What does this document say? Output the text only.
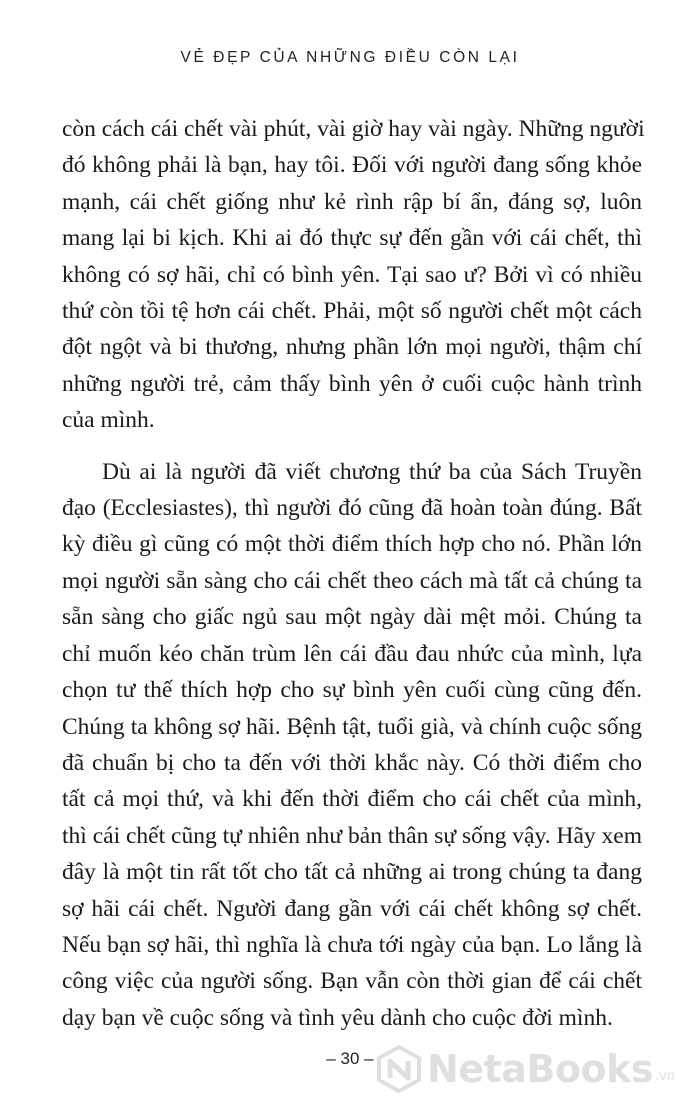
VẺ ĐẸP CỦA NHỮNG ĐIỀU CÒN LẠI
còn cách cái chết vài phút, vài giờ hay vài ngày. Những người
đó không phải là bạn, hay tôi. Đối với người đang sống khỏe
mạnh, cái chết giống như kẻ rình rập bí ẩn, đáng sợ, luôn
mang lại bi kịch. Khi ai đó thực sự đến gần với cái chết, thì
không có sợ hãi, chỉ có bình yên. Tại sao ư? Bởi vì có nhiều
thứ còn tồi tệ hơn cái chết. Phải, một số người chết một cách
đột ngột và bi thương, nhưng phần lớn mọi người, thậm chí
những người trẻ, cảm thấy bình yên ở cuối cuộc hành trình
của mình.
Dù ai là người đã viết chương thứ ba của Sách Truyền
đạo (Ecclesiastes), thì người đó cũng đã hoàn toàn đúng. Bất
kỳ điều gì cũng có một thời điểm thích hợp cho nó. Phần lớn
mọi người sẵn sàng cho cái chết theo cách mà tất cả chúng ta
sẵn sàng cho giấc ngủ sau một ngày dài mệt mỏi. Chúng ta
chỉ muốn kéo chăn trùm lên cái đầu đau nhức của mình, lựa
chọn tư thế thích hợp cho sự bình yên cuối cùng cũng đến.
Chúng ta không sợ hãi. Bệnh tật, tuổi già, và chính cuộc sống
đã chuẩn bị cho ta đến với thời khắc này. Có thời điểm cho
tất cả mọi thứ, và khi đến thời điểm cho cái chết của mình,
thì cái chết cũng tự nhiên như bản thân sự sống vậy. Hãy xem
đây là một tin rất tốt cho tất cả những ai trong chúng ta đang
sợ hãi cái chết. Người đang gần với cái chết không sợ chết.
Nếu bạn sợ hãi, thì nghĩa là chưa tới ngày của bạn. Lo lắng là
công việc của người sống. Bạn vẫn còn thời gian để cái chết
dạy bạn về cuộc sống và tình yêu dành cho cuộc đời mình.
– 30 –	NetaBooks .vn
